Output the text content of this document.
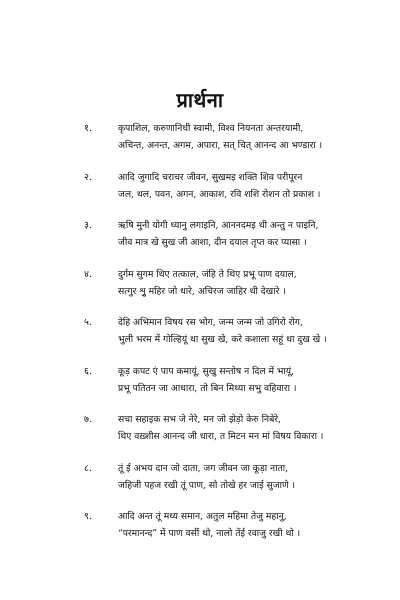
प्रार्थना
१.	कृपाशिल, करुणानिधी स्वामी, विश्व नियनता अन्तरयामी,
अचिन्त, अनन्त, अगम, अपारा, सत् चित् आनन्द आ भण्डारा ।
२.	आदि जुगादि चराचर जीवन, सुखमइ शक्ति शिव परीपूरन
जल, थल, पवन, अगन, आकाश, रवि शशि रोशन तो प्रकाश ।
३.	ऋषि मुनी योगी ध्यानु लगाइनि, आननदमइ थी अन्तु न पाइनि,
जीव मात्र खे सुख जी आशा, दीन दयाल तृप्त कर प्यासा ।
४.	दुर्गम सुगम थिए तत्काल, जंहि ते थिए प्रभू पाण दयाल,
सत्गुर शृु महिर जो धारे, अचिरज जाहिर थी देखारे ।
५.	देहि अभिमान विषय रस भोग, जन्म जन्म जो उगिरो रोग,
भुली भरम में गोल्हियूं था सुख खे, करे कशाला सहूं था दुख खे ।
६.	कूड़ कपट एं पाप कमायूं, सुखु सन्तोष न दिल में भायूं,
प्रभू पतितन जा आधारा, तो बिन मिथ्या सभु वहिवारा ।
७.	सचा सहाइक सभ जे नेरे, मन जो झेड़ो केरु निबेरे,
थिए वख़्शीस आनन्द जी धारा, त मिटन मन मां विषय विकारा ।
८.	तूं ई अभय दान जो दाता, जग जीवन जा कूड़ा नाता,
जहिजी पहज रखी तूं पाण, सो तोखे हर जाई सुजाणे ।
९.	आदि अन्त तूं मध्य समान, अतुल महिमा तेजु महानु,
“परमानन्द” में पाण वसीं थो, नालो तेंई रवाजु रखी थो ।
